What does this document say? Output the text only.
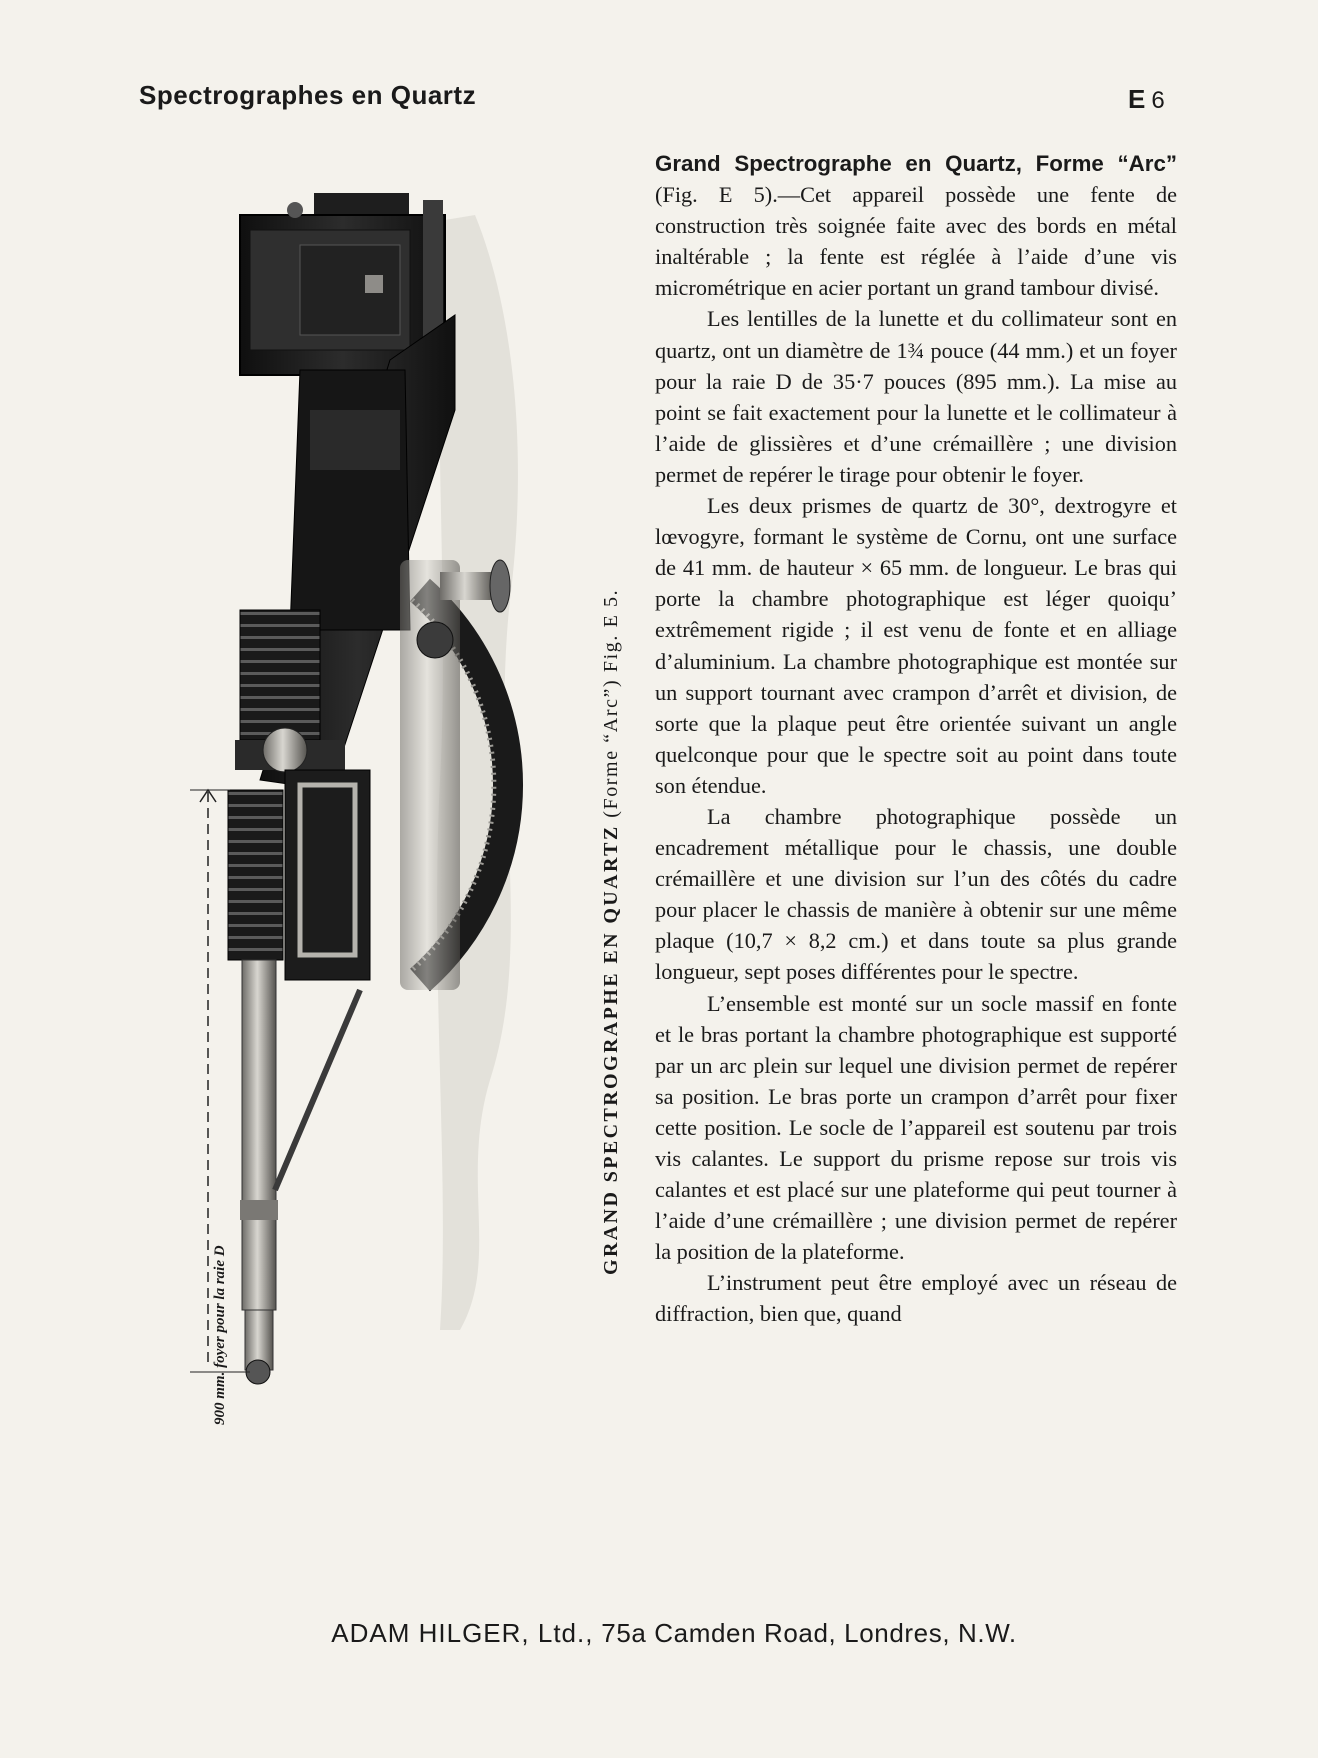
Spectrographes en Quartz	E 6
GRAND SPECTROGRAPHE EN QUARTZ (Forme “Arc”) Fig. E 5.
900 mm. foyer pour la raie D

Grand Spectrographe en Quartz, Forme “Arc” (Fig. E 5).—Cet appareil possède une fente de construction très soignée faite avec des bords en métal inaltérable ; la fente est réglée à l’aide d’une vis micrométrique en acier portant un grand tambour divisé.

Les lentilles de la lunette et du collimateur sont en quartz, ont un diamètre de 1¾ pouce (44 mm.) et un foyer pour la raie D de 35·7 pouces (895 mm.). La mise au point se fait exactement pour la lunette et le collimateur à l’aide de glissières et d’une crémaillère ; une division permet de repérer le tirage pour obtenir le foyer.

Les deux prismes de quartz de 30°, dextrogyre et lœvogyre, formant le système de Cornu, ont une surface de 41 mm. de hauteur × 65 mm. de longueur. Le bras qui porte la chambre photographique est léger quoiqu’ extrêmement rigide ; il est venu de fonte et en alliage d’aluminium. La chambre photographique est montée sur un support tournant avec crampon d’arrêt et division, de sorte que la plaque peut être orientée suivant un angle quelconque pour que le spectre soit au point dans toute son étendue.

La chambre photographique possède un encadrement métallique pour le chassis, une double crémaillère et une division sur l’un des côtés du cadre pour placer le chassis de manière à obtenir sur une même plaque (10,7 × 8,2 cm.) et dans toute sa plus grande longueur, sept poses différentes pour le spectre.

L’ensemble est monté sur un socle massif en fonte et le bras portant la chambre photographique est supporté par un arc plein sur lequel une division permet de repérer sa position. Le bras porte un crampon d’arrêt pour fixer cette position. Le socle de l’appareil est soutenu par trois vis calantes. Le support du prisme repose sur trois vis calantes et est placé sur une plateforme qui peut tourner à l’aide d’une crémaillère ; une division permet de repérer la position de la plateforme.

L’instrument peut être employé avec un réseau de diffraction, bien que, quand

ADAM HILGER, Ltd., 75a Camden Road, Londres, N.W.
